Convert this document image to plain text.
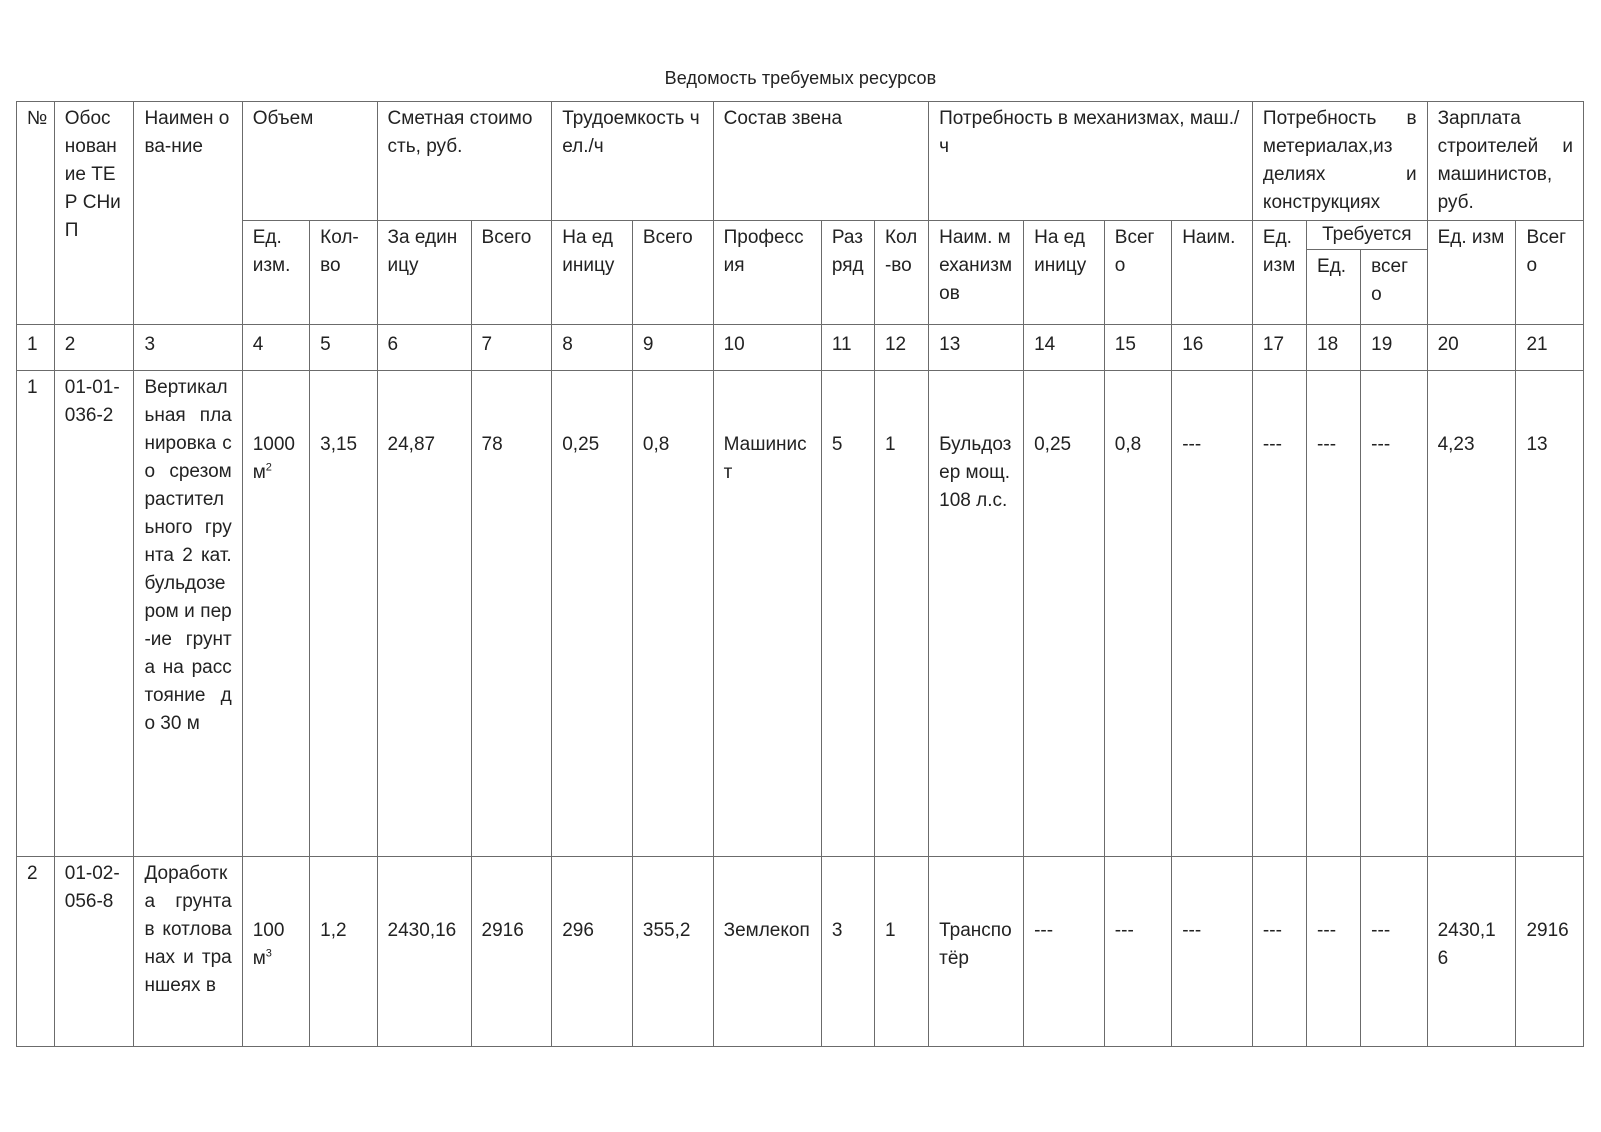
Ведомость требуемых ресурсов
№	Обос нован ие ТЕР СНиП	Наимен ова-ние	Объем		Сметная стоимость, руб.		Трудоемкость чел./ч		Состав звена			Потребность в механизмах, маш./ч				Потребность в метериалах,из делиях и конструкциях			Зарплата строителей и машинистов, руб.	
			Ед. изм.	Кол-во	За единицу	Всего	На единицу	Всего	Профессия	Разряд	Кол-во	Наим. механизмов	На единицу	Всего	Наим.	Ед. изм	Требуется		Ед. изм	Всего
																	Ед.	всего		
1	2	3	4	5	6	7	8	9	10	11	12	13	14	15	16	17	18	19	20	21
1	01-01-036-2	Вертикальная планировка со срезом растительного грунта 2 кат. бульдозером и пер-ие грунта на расстояние до 30 м	1000 $м^2$	3,15	24,87	78	0,25	0,8	Машинист	5	1	Бульдозер мощ.108 л.с.	0,25	0,8	---	---	---	---	4,23	13
2	01-02-056-8	Доработка грунта в котлованах и траншеях в	100 $м^3$	1,2	2430,16	2916	296	355,2	Землекоп	3	1	Транспотёр	---	---	---	---	---	---	2430,16	2916
